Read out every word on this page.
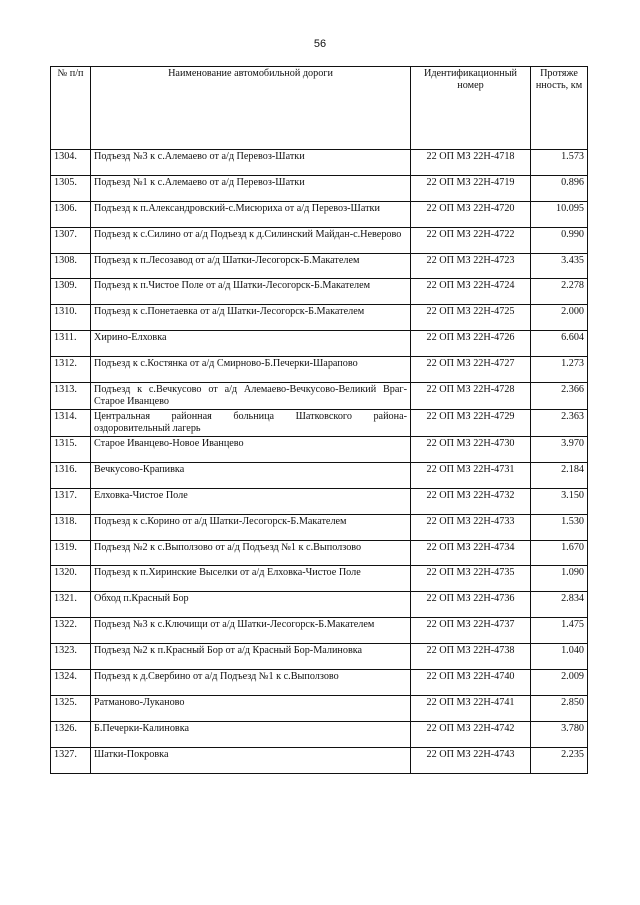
56
№ п/п	Наименование автомобильной дороги	Идентификационный номер	Протяже нность, км
1304.	Подъезд №3 к с.Алемаево от а/д Перевоз-Шатки	22 ОП МЗ 22Н-4718	1.573
1305.	Подъезд №1 к с.Алемаево от а/д Перевоз-Шатки	22 ОП МЗ 22Н-4719	0.896
1306.	Подъезд к п.Александровский-с.Мисюриха от а/д Перевоз-Шатки	22 ОП МЗ 22Н-4720	10.095
1307.	Подъезд к с.Силино от а/д Подъезд к д.Силинский Майдан-с.Неверово	22 ОП МЗ 22Н-4722	0.990
1308.	Подъезд к п.Лесозавод от а/д Шатки-Лесогорск-Б.Макателем	22 ОП МЗ 22Н-4723	3.435
1309.	Подъезд к п.Чистое Поле от а/д Шатки-Лесогорск-Б.Макателем	22 ОП МЗ 22Н-4724	2.278
1310.	Подъезд к с.Понетаевка от а/д Шатки-Лесогорск-Б.Макателем	22 ОП МЗ 22Н-4725	2.000
1311.	Хирино-Елховка	22 ОП МЗ 22Н-4726	6.604
1312.	Подъезд к с.Костянка от а/д Смирново-Б.Печерки-Шарапово	22 ОП МЗ 22Н-4727	1.273
1313.	Подъезд к с.Вечкусово от а/д Алемаево-Вечкусово-Великий Враг-Старое Иванцево	22 ОП МЗ 22Н-4728	2.366
1314.	Центральная районная больница Шатковского района-оздоровительный лагерь	22 ОП МЗ 22Н-4729	2.363
1315.	Старое Иванцево-Новое Иванцево	22 ОП МЗ 22Н-4730	3.970
1316.	Вечкусово-Крапивка	22 ОП МЗ 22Н-4731	2.184
1317.	Елховка-Чистое Поле	22 ОП МЗ 22Н-4732	3.150
1318.	Подъезд к с.Корино от а/д Шатки-Лесогорск-Б.Макателем	22 ОП МЗ 22Н-4733	1.530
1319.	Подъезд №2 к с.Выползово от а/д Подъезд №1 к с.Выползово	22 ОП МЗ 22Н-4734	1.670
1320.	Подъезд к п.Хиринские Выселки от а/д Елховка-Чистое Поле	22 ОП МЗ 22Н-4735	1.090
1321.	Обход п.Красный Бор	22 ОП МЗ 22Н-4736	2.834
1322.	Подъезд №3 к с.Ключищи от а/д Шатки-Лесогорск-Б.Макателем	22 ОП МЗ 22Н-4737	1.475
1323.	Подъезд №2 к п.Красный Бор от а/д Красный Бор-Малиновка	22 ОП МЗ 22Н-4738	1.040
1324.	Подъезд к д.Свербино от а/д Подъезд №1 к с.Выползово	22 ОП МЗ 22Н-4740	2.009
1325.	Ратманово-Луканово	22 ОП МЗ 22Н-4741	2.850
1326.	Б.Печерки-Калиновка	22 ОП МЗ 22Н-4742	3.780
1327.	Шатки-Покровка	22 ОП МЗ 22Н-4743	2.235
